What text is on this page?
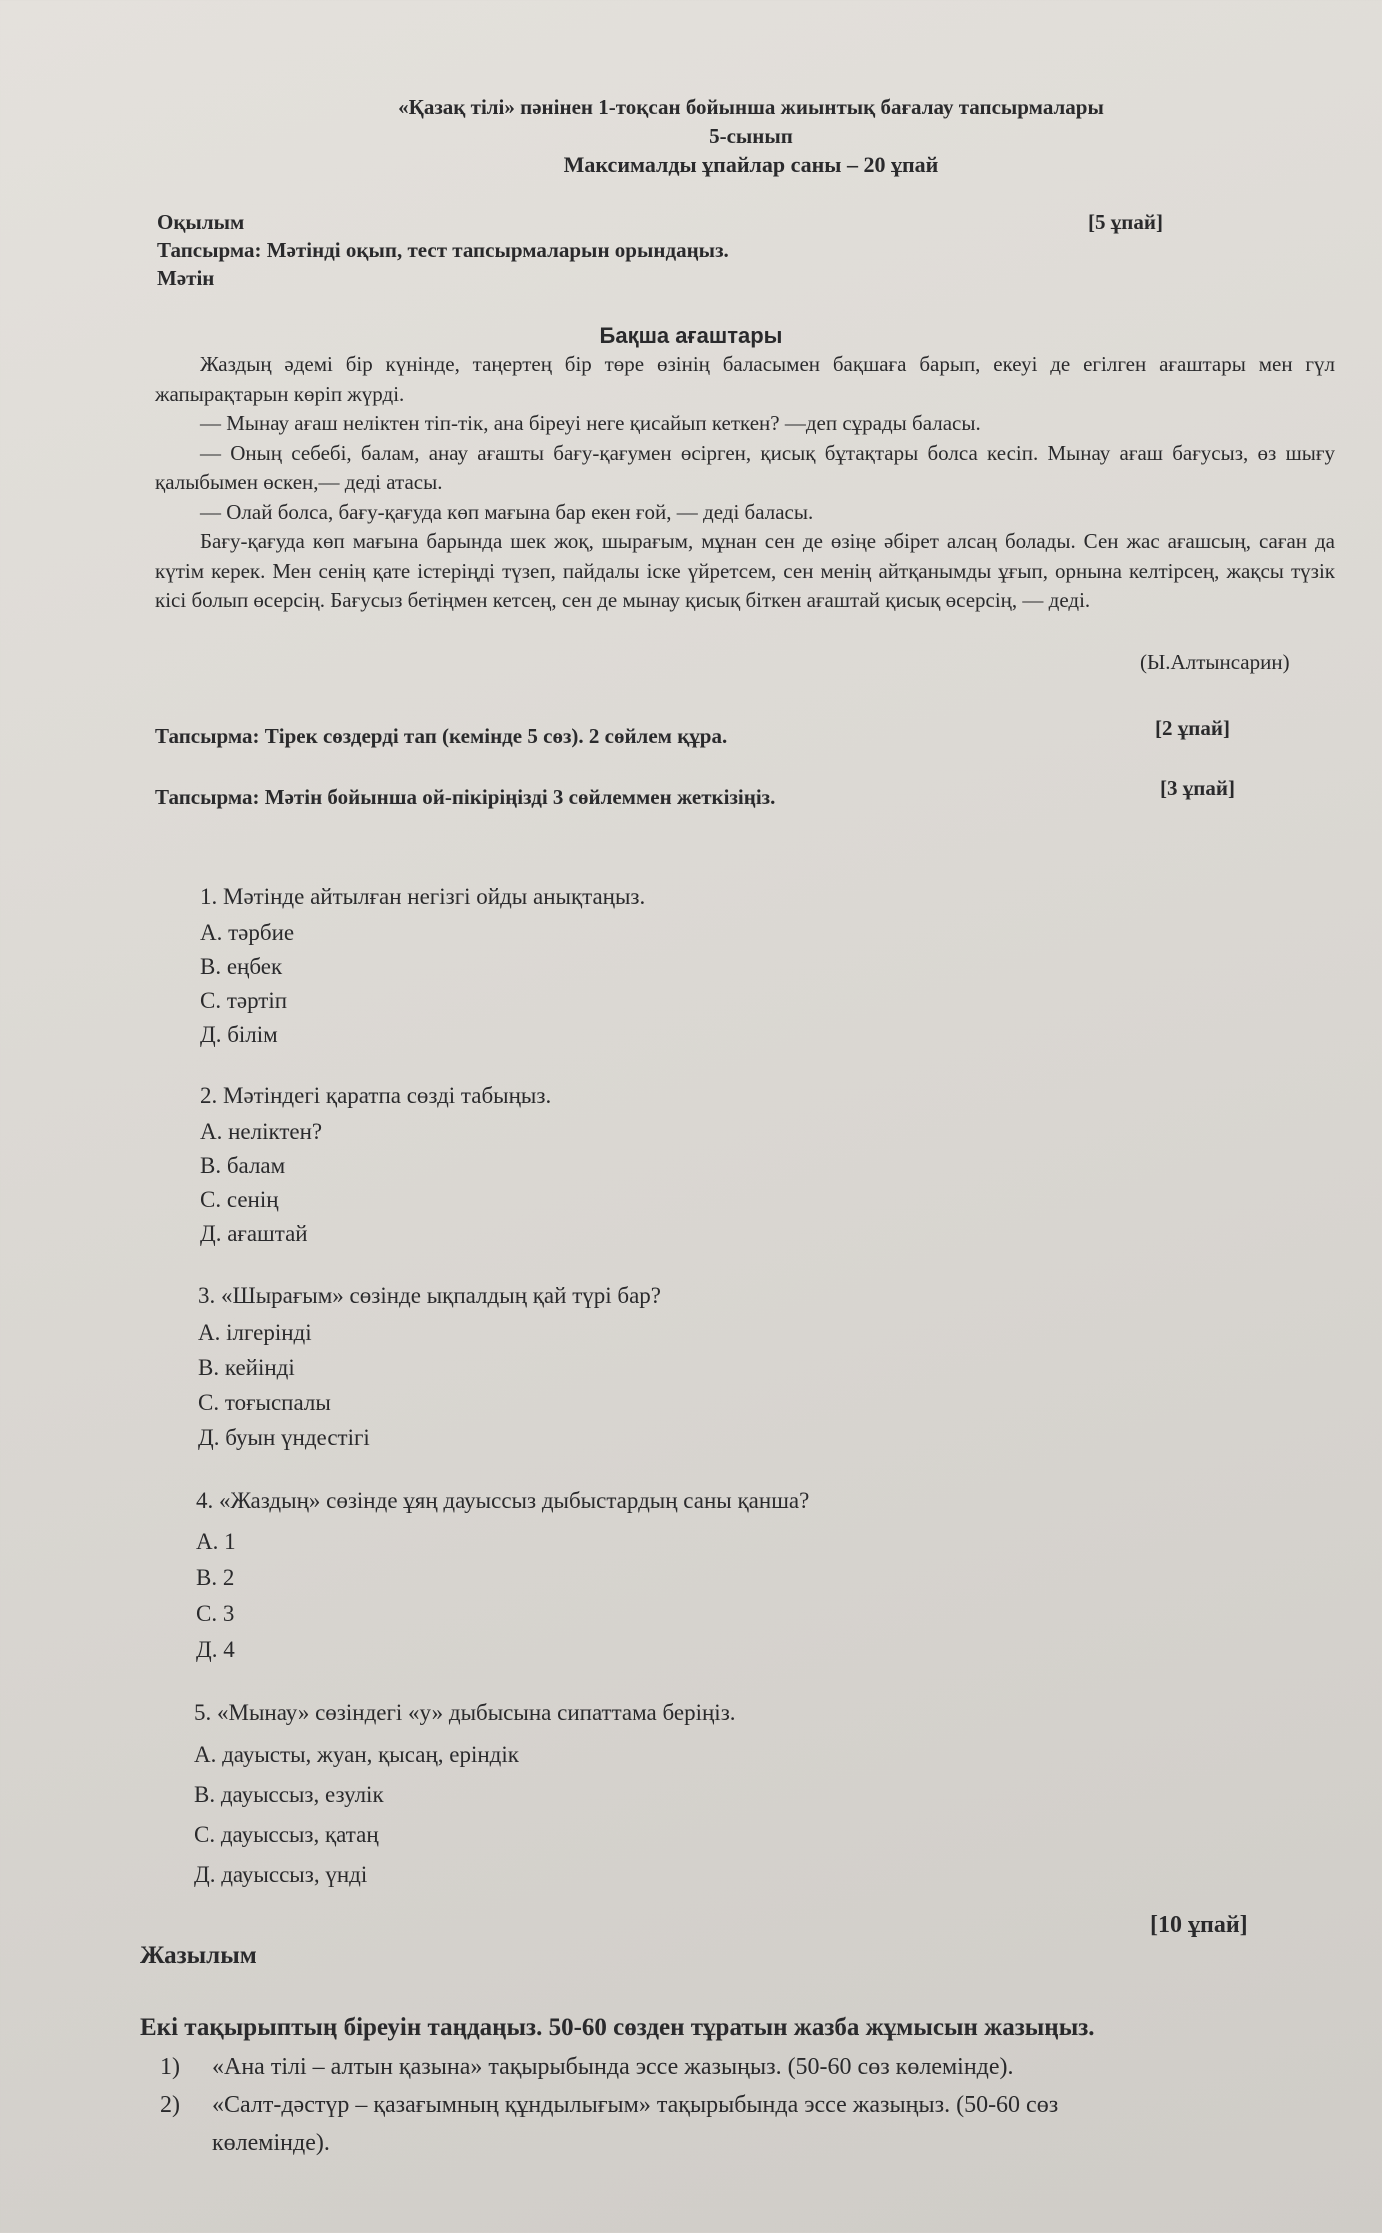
«Қазақ тілі» пәнінен 1-тоқсан бойынша жиынтық бағалау тапсырмалары
5-сынып
Максималды ұпайлар саны – 20 ұпай
Оқылым	[5 ұпай]
Тапсырма: Мәтінді оқып, тест тапсырмаларын орындаңыз.
Мәтін
Бақша ағаштары

Жаздың әдемі бір күнінде, таңертең бір төре өзінің баласымен бақшаға барып, екеуі де егілген ағаштары мен гүл жапырақтарын көріп жүрді.

— Мынау ағаш неліктен тіп-тік, ана біреуі неге қисайып кеткен? —деп сұрады баласы.

— Оның себебі, балам, анау ағашты бағу-қағумен өсірген, қисық бұтақтары болса кесіп. Мынау ағаш бағусыз, өз шығу қалыбымен өскен,— деді атасы.

— Олай болса, бағу-қағуда көп мағына бар екен ғой, — деді баласы.

Бағу-қағуда көп мағына барында шек жоқ, шырағым, мұнан сен де өзіңе әбірет алсаң болады. Сен жас ағашсың, саған да күтім керек. Мен сенің қате істеріңді түзеп, пайдалы іске үйретсем, сен менің айтқанымды ұғып, орнына келтірсең, жақсы түзік кісі болып өсерсің. Бағусыз бетіңмен кетсең, сен де мынау қисық біткен ағаштай қисық өсерсің, — деді.

(Ы.Алтынсарин)
Тапсырма: Тірек сөздерді тап (кемінде 5 сөз). 2 сөйлем құра.	[2 ұпай]
Тапсырма: Мәтін бойынша ой-пікіріңізді 3 сөйлеммен жеткізіңіз.	[3 ұпай]
1. Мәтінде айтылған негізгі ойды анықтаңыз.
А. тәрбие
В. еңбек
С. тәртіп
Д. білім
2. Мәтіндегі қаратпа сөзді табыңыз.
А. неліктен?
В. балам
С. сенің
Д. ағаштай
3. «Шырағым» сөзінде ықпалдың қай түрі бар?
А. ілгерінді
В. кейінді
С. тоғыспалы
Д. буын үндестігі
4. «Жаздың» сөзінде ұяң дауыссыз дыбыстардың саны қанша?
А. 1
В. 2
С. 3
Д. 4
5. «Мынау» сөзіндегі «у» дыбысына сипаттама беріңіз.
А. дауысты, жуан, қысаң, еріндік
В. дауыссыз, езулік
С. дауыссыз, қатаң
Д. дауыссыз, үнді
[10 ұпай]
Жазылым
Екі тақырыптың біреуін таңдаңыз. 50-60 сөзден тұратын жазба жұмысын жазыңыз.
1) «Ана тілі – алтын қазына» тақырыбында эссе жазыңыз. (50-60 сөз көлемінде).
2) «Салт-дәстүр – қазағымның құндылығым» тақырыбында эссе жазыңыз. (50-60 сөз
көлемінде).
